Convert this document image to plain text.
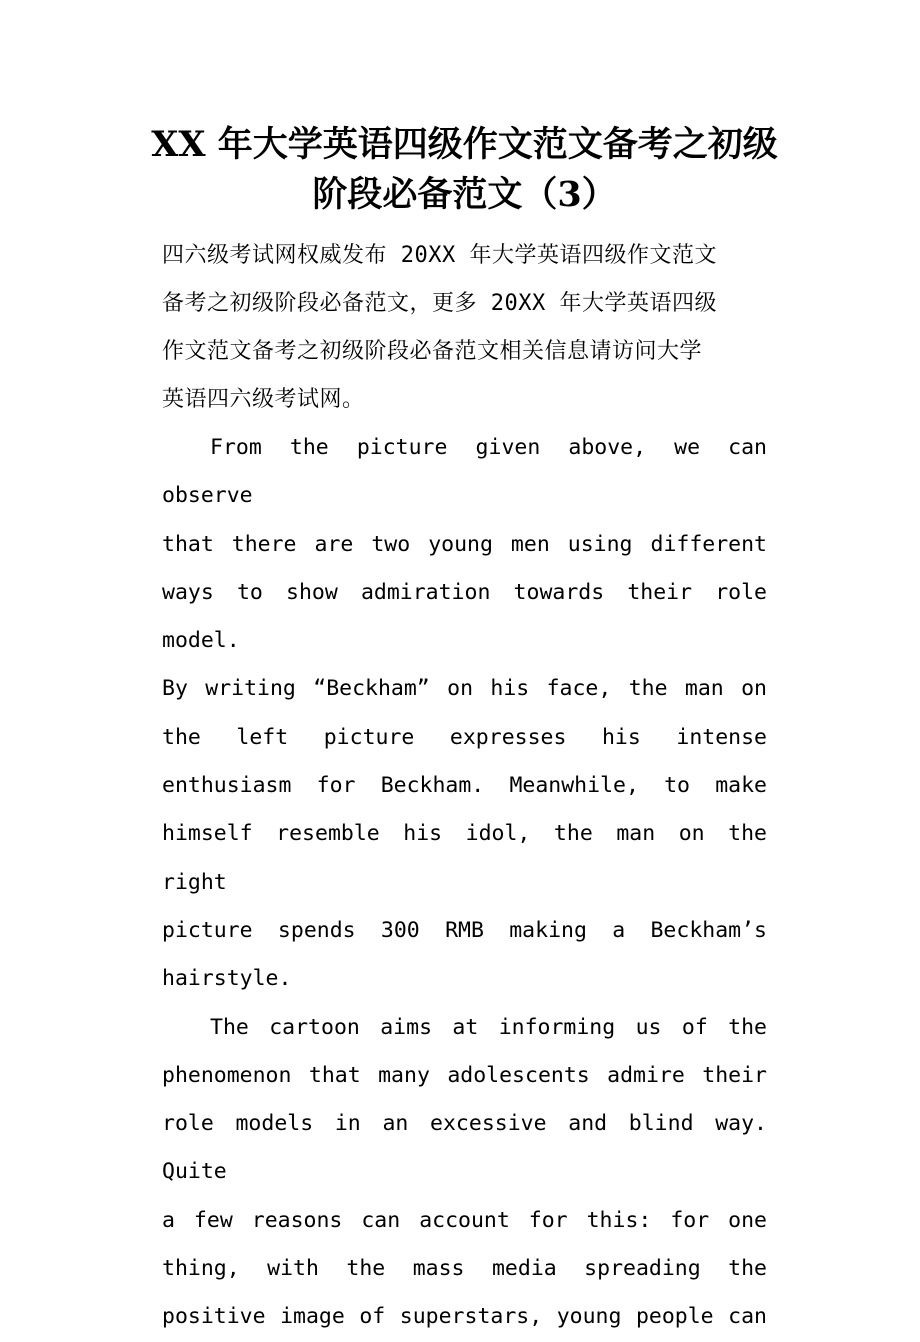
XX 年大学英语四级作文范文备考之初级
阶段必备范文（3）
四六级考试网权威发布 20XX 年大学英语四级作文范文
备考之初级阶段必备范文，更多 20XX 年大学英语四级
作文范文备考之初级阶段必备范文相关信息请访问大学
英语四六级考试网。
From the picture given above, we can observe
that there are two young men using different
ways to show admiration towards their role model.
By writing “Beckham” on his face, the man on
the left picture expresses his intense
enthusiasm for Beckham. Meanwhile, to make
himself resemble his idol, the man on the right
picture spends 300 RMB making a Beckham’s
hairstyle.
The cartoon aims at informing us of the
phenomenon that many adolescents admire their
role models in an excessive and blind way. Quite
a few reasons can account for this: for one
thing, with the mass media spreading the
positive image of superstars, young people can
